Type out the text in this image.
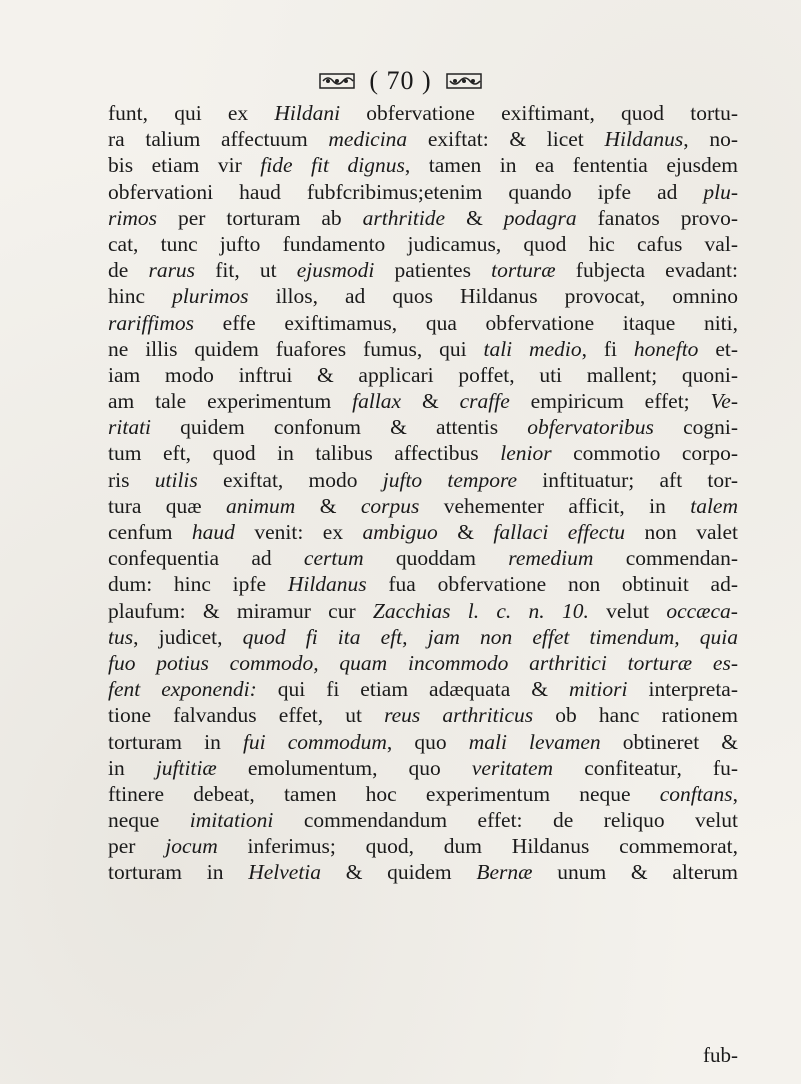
( 70 )
funt, qui ex Hildani obfervatione exiftimant, quod tortu-
ra talium affectuum medicina exiftat: & licet Hildanus, no-
bis etiam vir fide fit dignus, tamen in ea fententia ejusdem
obfervationi haud fubfcribimus;etenim quando ipfe ad plu-
rimos per torturam ab arthritide & podagra fanatos provo-
cat, tunc jufto fundamento judicamus, quod hic cafus val-
de rarus fit, ut ejusmodi patientes torturæ fubjecta evadant:
hinc plurimos illos, ad quos Hildanus provocat, omnino
rariffimos effe exiftimamus, qua obfervatione itaque niti,
ne illis quidem fuafores fumus, qui tali medio, fi honefto et-
iam modo inftrui & applicari poffet, uti mallent; quoni-
am tale experimentum fallax & craffe empiricum effet; Ve-
ritati quidem confonum & attentis obfervatoribus cogni-
tum eft, quod in talibus affectibus lenior commotio corpo-
ris utilis exiftat, modo jufto tempore inftituatur; aft tor-
tura quæ animum & corpus vehementer afficit, in talem
cenfum haud venit: ex ambiguo & fallaci effectu non valet
confequentia ad certum quoddam remedium commendan-
dum: hinc ipfe Hildanus fua obfervatione non obtinuit ad-
plaufum: & miramur cur Zacchias l. c. n. 10. velut occæca-
tus, judicet, quod fi ita eft, jam non effet timendum, quia
fuo potius commodo, quam incommodo arthritici torturæ es-
fent exponendi: qui fi etiam adæquata & mitiori interpreta-
tione falvandus effet, ut reus arthriticus ob hanc rationem
torturam in fui commodum, quo mali levamen obtineret &
in juftitiæ emolumentum, quo veritatem confiteatur, fu-
ftinere debeat, tamen hoc experimentum neque conftans,
neque imitationi commendandum effet: de reliquo velut
per jocum inferimus; quod, dum Hildanus commemorat,
torturam in Helvetia & quidem Bernæ unum & alterum
fub-
